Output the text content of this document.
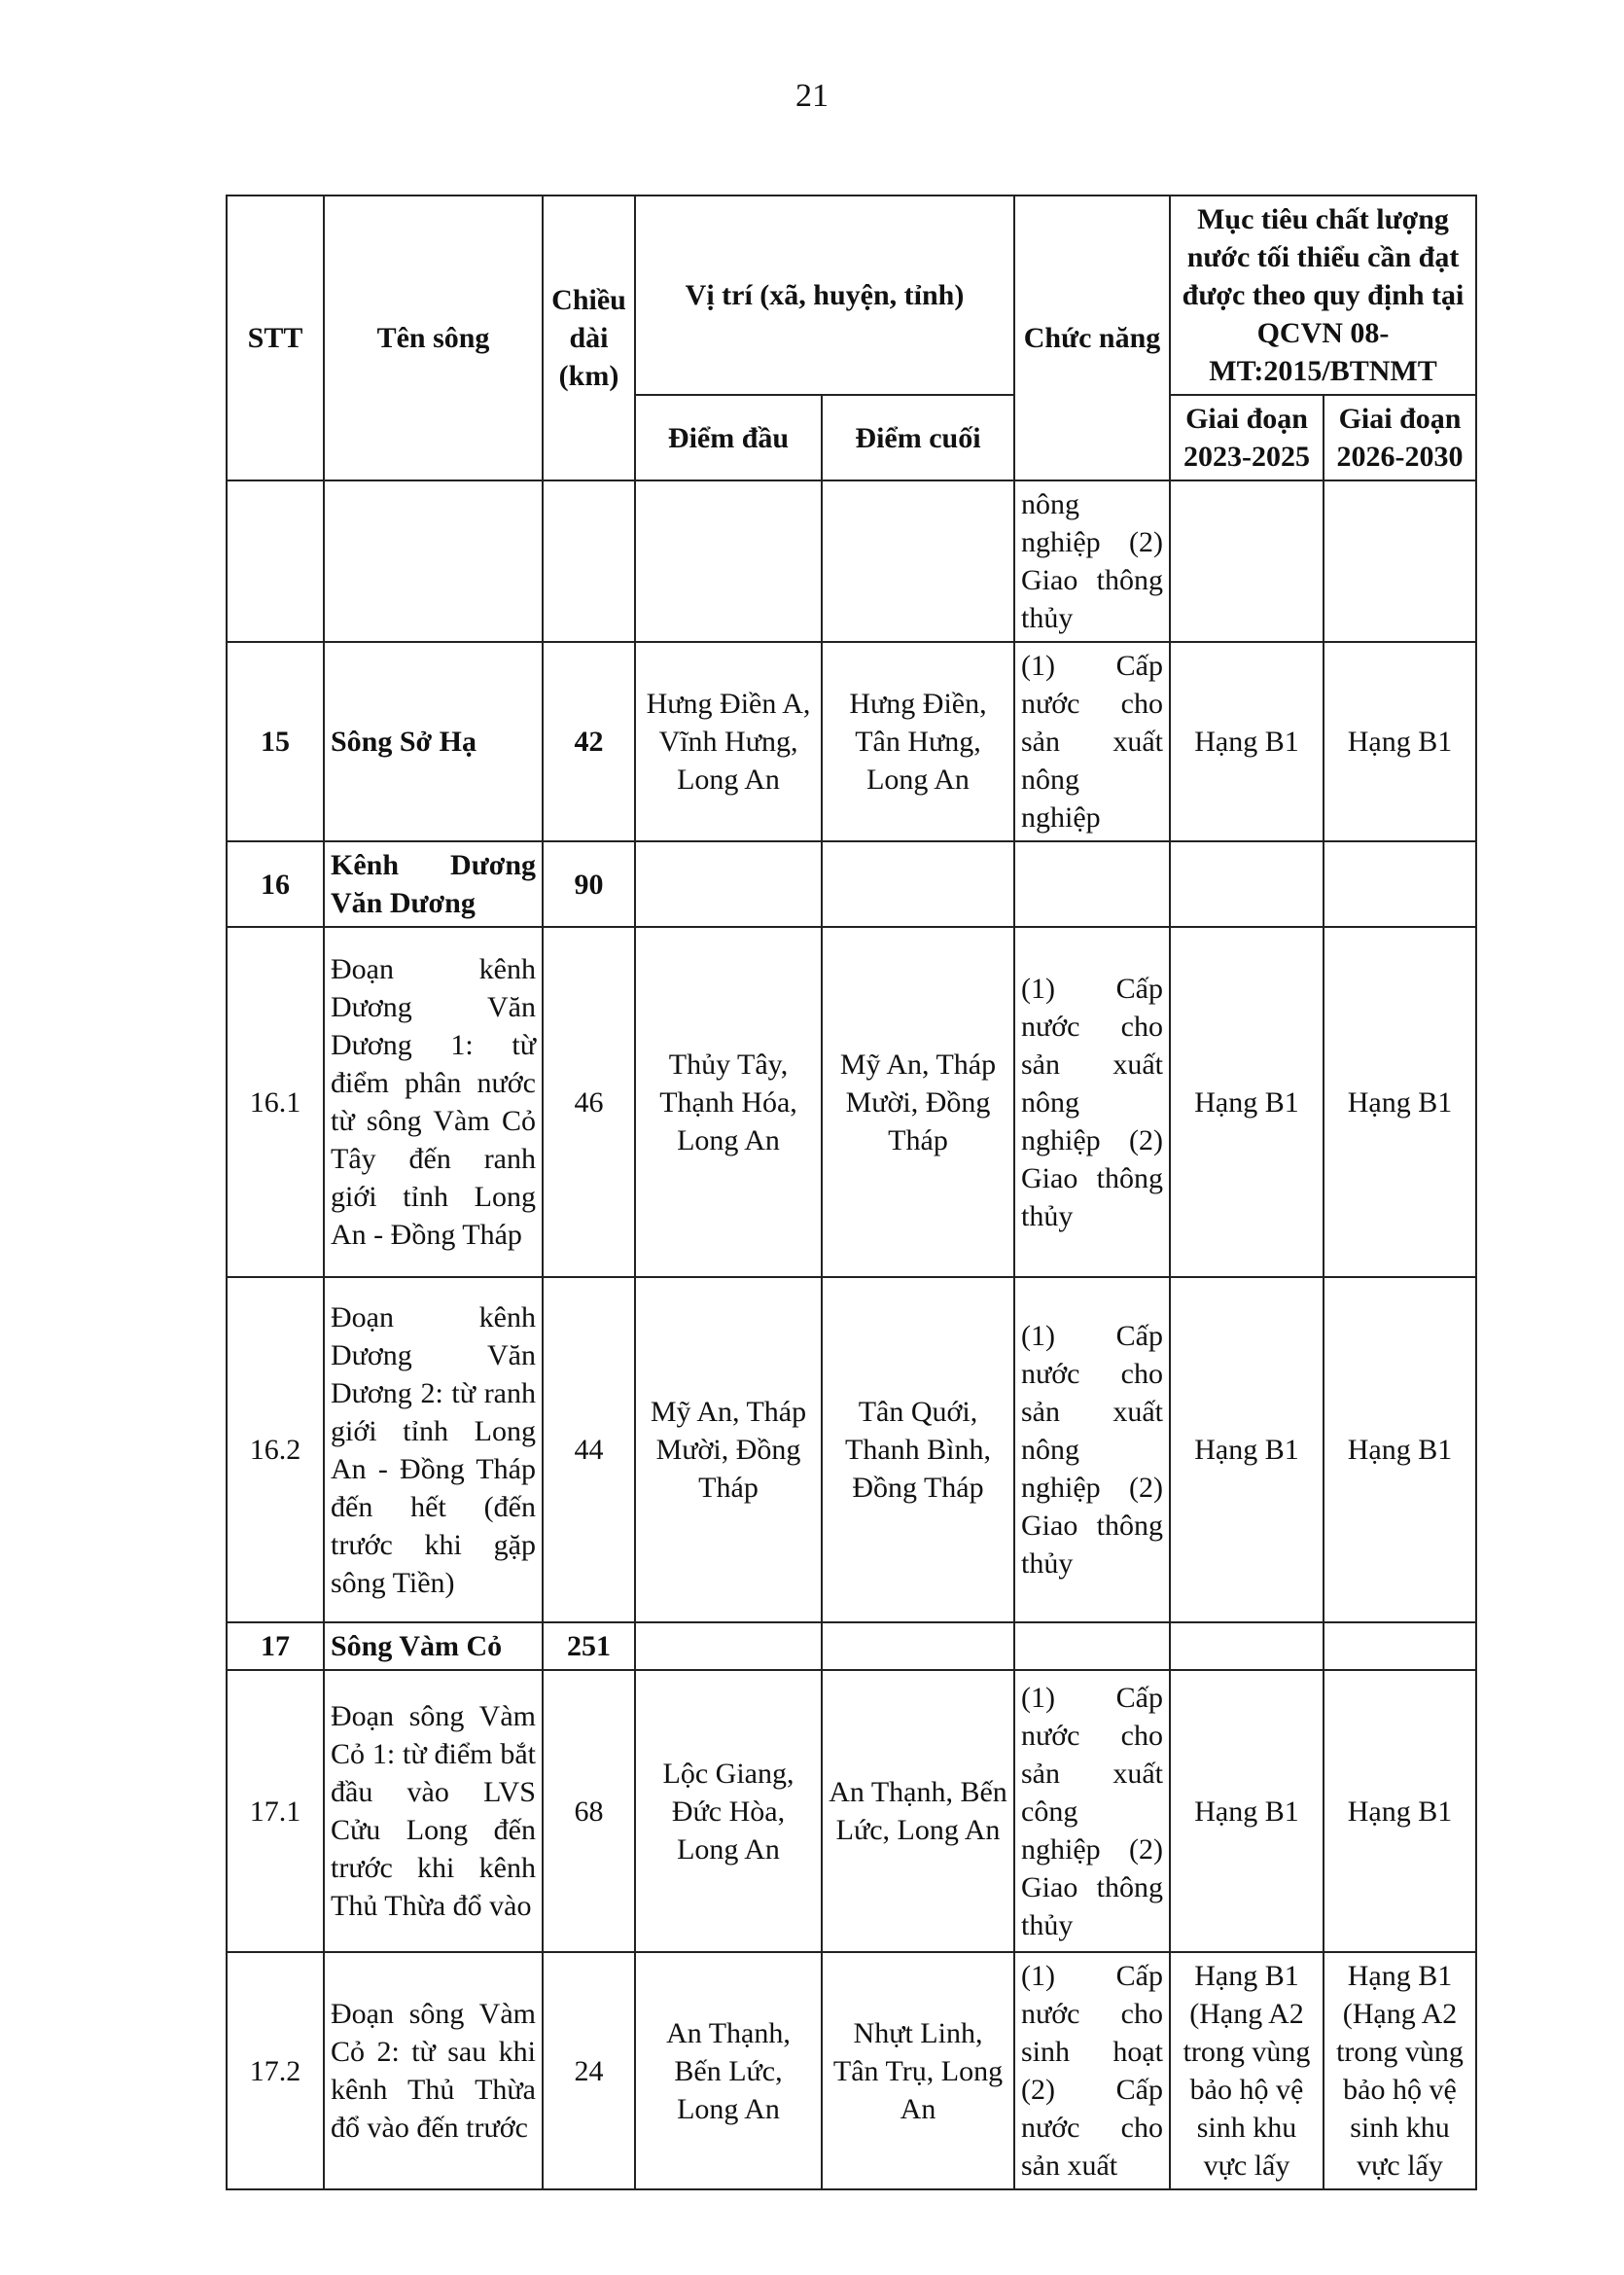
21
STT	Tên sông	Chiều dài (km)	Vị trí (xã, huyện, tỉnh)		Chức năng	Mục tiêu chất lượng nước tối thiểu cần đạt được theo quy định tại QCVN 08-MT:2015/BTNMT	
			Điểm đầu	Điểm cuối		Giai đoạn 2023-2025	Giai đoạn 2026-2030
					nông nghiệp (2) Giao thông thủy		
15	Sông Sở Hạ	42	Hưng Điền A, Vĩnh Hưng, Long An	Hưng Điền, Tân Hưng, Long An	(1) Cấp nước cho sản xuất nông nghiệp	Hạng B1	Hạng B1
16	Kênh Dương Văn Dương	90					
16.1	Đoạn kênh Dương Văn Dương 1: từ điểm phân nước từ sông Vàm Cỏ Tây đến ranh giới tỉnh Long An - Đồng Tháp	46	Thủy Tây, Thạnh Hóa, Long An	Mỹ An, Tháp Mười, Đồng Tháp	(1) Cấp nước cho sản xuất nông nghiệp (2) Giao thông thủy	Hạng B1	Hạng B1
16.2	Đoạn kênh Dương Văn Dương 2: từ ranh giới tỉnh Long An - Đồng Tháp đến hết (đến trước khi gặp sông Tiền)	44	Mỹ An, Tháp Mười, Đồng Tháp	Tân Quới, Thanh Bình, Đồng Tháp	(1) Cấp nước cho sản xuất nông nghiệp (2) Giao thông thủy	Hạng B1	Hạng B1
17	Sông Vàm Cỏ	251					
17.1	Đoạn sông Vàm Cỏ 1: từ điểm bắt đầu vào LVS Cửu Long đến trước khi kênh Thủ Thừa đổ vào	68	Lộc Giang, Đức Hòa, Long An	An Thạnh, Bến Lức, Long An	(1) Cấp nước cho sản xuất công nghiệp (2) Giao thông thủy	Hạng B1	Hạng B1
17.2	Đoạn sông Vàm Cỏ 2: từ sau khi kênh Thủ Thừa đổ vào đến trước	24	An Thạnh, Bến Lức, Long An	Nhựt Linh, Tân Trụ, Long An	(1) Cấp nước cho sinh hoạt (2) Cấp nước cho sản xuất	Hạng B1 (Hạng A2 trong vùng bảo hộ vệ sinh khu vực lấy	Hạng B1 (Hạng A2 trong vùng bảo hộ vệ sinh khu vực lấy
